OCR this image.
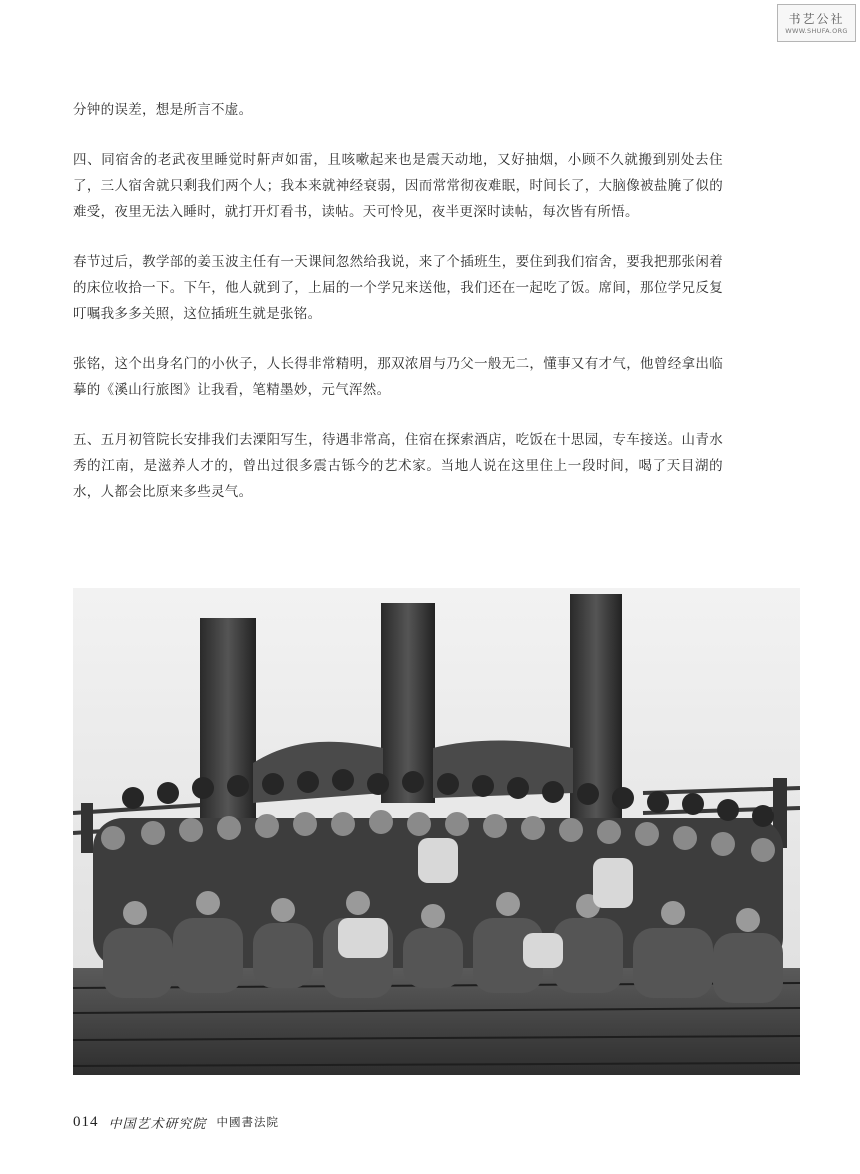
书艺公社
WWW.SHUFA.ORG

分钟的误差，想是所言不虚。

四、同宿舍的老武夜里睡觉时鼾声如雷，且咳嗽起来也是震天动地，又好抽烟，小顾不久就搬到别处去住了，三人宿舍就只剩我们两个人；我本来就神经衰弱，因而常常彻夜难眠，时间长了，大脑像被盐腌了似的难受，夜里无法入睡时，就打开灯看书，读帖。天可怜见，夜半更深时读帖，每次皆有所悟。

春节过后，教学部的姜玉波主任有一天课间忽然给我说，来了个插班生，要住到我们宿舍，要我把那张闲着的床位收拾一下。下午，他人就到了，上届的一个学兄来送他，我们还在一起吃了饭。席间，那位学兄反复叮嘱我多多关照，这位插班生就是张铭。

张铭，这个出身名门的小伙子，人长得非常精明，那双浓眉与乃父一般无二，懂事又有才气，他曾经拿出临摹的《溪山行旅图》让我看，笔精墨妙，元气浑然。

五、五月初管院长安排我们去溧阳写生，待遇非常高，住宿在探索酒店，吃饭在十思园，专车接送。山青水秀的江南，是滋养人才的，曾出过很多震古铄今的艺术家。当地人说在这里住上一段时间，喝了天目湖的水，人都会比原来多些灵气。

014 中国艺术研究院 中國書法院
